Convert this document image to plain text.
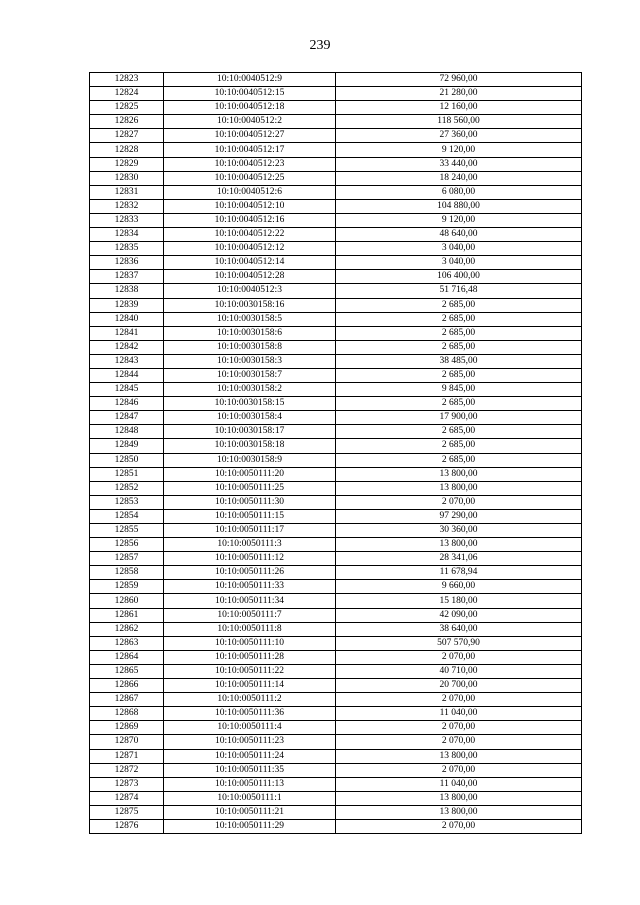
239
12823	10:10:0040512:9	72 960,00
12824	10:10:0040512:15	21 280,00
12825	10:10:0040512:18	12 160,00
12826	10:10:0040512:2	118 560,00
12827	10:10:0040512:27	27 360,00
12828	10:10:0040512:17	9 120,00
12829	10:10:0040512:23	33 440,00
12830	10:10:0040512:25	18 240,00
12831	10:10:0040512:6	6 080,00
12832	10:10:0040512:10	104 880,00
12833	10:10:0040512:16	9 120,00
12834	10:10:0040512:22	48 640,00
12835	10:10:0040512:12	3 040,00
12836	10:10:0040512:14	3 040,00
12837	10:10:0040512:28	106 400,00
12838	10:10:0040512:3	51 716,48
12839	10:10:0030158:16	2 685,00
12840	10:10:0030158:5	2 685,00
12841	10:10:0030158:6	2 685,00
12842	10:10:0030158:8	2 685,00
12843	10:10:0030158:3	38 485,00
12844	10:10:0030158:7	2 685,00
12845	10:10:0030158:2	9 845,00
12846	10:10:0030158:15	2 685,00
12847	10:10:0030158:4	17 900,00
12848	10:10:0030158:17	2 685,00
12849	10:10:0030158:18	2 685,00
12850	10:10:0030158:9	2 685,00
12851	10:10:0050111:20	13 800,00
12852	10:10:0050111:25	13 800,00
12853	10:10:0050111:30	2 070,00
12854	10:10:0050111:15	97 290,00
12855	10:10:0050111:17	30 360,00
12856	10:10:0050111:3	13 800,00
12857	10:10:0050111:12	28 341,06
12858	10:10:0050111:26	11 678,94
12859	10:10:0050111:33	9 660,00
12860	10:10:0050111:34	15 180,00
12861	10:10:0050111:7	42 090,00
12862	10:10:0050111:8	38 640,00
12863	10:10:0050111:10	507 570,90
12864	10:10:0050111:28	2 070,00
12865	10:10:0050111:22	40 710,00
12866	10:10:0050111:14	20 700,00
12867	10:10:0050111:2	2 070,00
12868	10:10:0050111:36	11 040,00
12869	10:10:0050111:4	2 070,00
12870	10:10:0050111:23	2 070,00
12871	10:10:0050111:24	13 800,00
12872	10:10:0050111:35	2 070,00
12873	10:10:0050111:13	11 040,00
12874	10:10:0050111:1	13 800,00
12875	10:10:0050111:21	13 800,00
12876	10:10:0050111:29	2 070,00
